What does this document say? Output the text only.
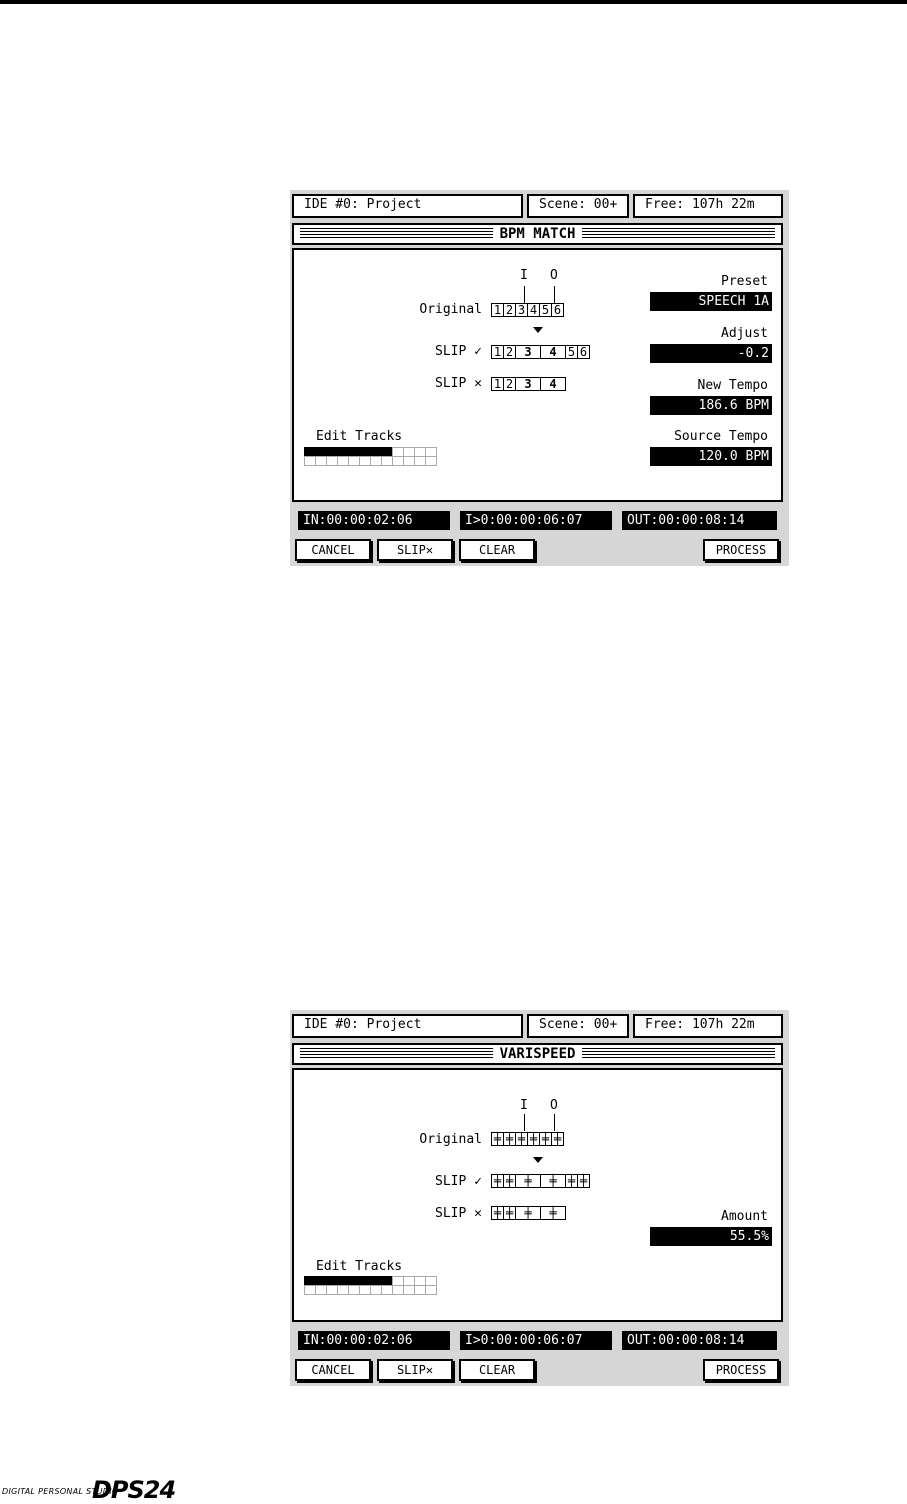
IDE #0: Project	Scene: 00+	Free: 107h 22m
BPM MATCH
I O
Original 1 2 3 4 5 6
SLIP ✓ 1 2 3	4 5 6
SLIP ✕ 1 2 3	4
Edit Tracks
Preset
SPEECH 1A
Adjust
-0.2
New Tempo
186.6 BPM
Source Tempo
120.0 BPM
IN:00:00:02:06	I>0:00:00:06:07	OUT:00:00:08:14
CANCEL	SLIP✕	CLEAR	PROCESS
IDE #0: Project	Scene: 00+	Free: 107h 22m
VARISPEED
I O
Original ╪ ╪ ╪ ╪ ╪ ╪
SLIP ✓ ╪ ╪ ╪	╪ ╪ ╪
SLIP ✕ ╪ ╪ ╪	╪
Edit Tracks
Amount
55.5%
IN:00:00:02:06	I>0:00:00:06:07	OUT:00:00:08:14
CANCEL	SLIP✕	CLEAR	PROCESS
DIGITAL PERSONAL STUDIO
DPS24
